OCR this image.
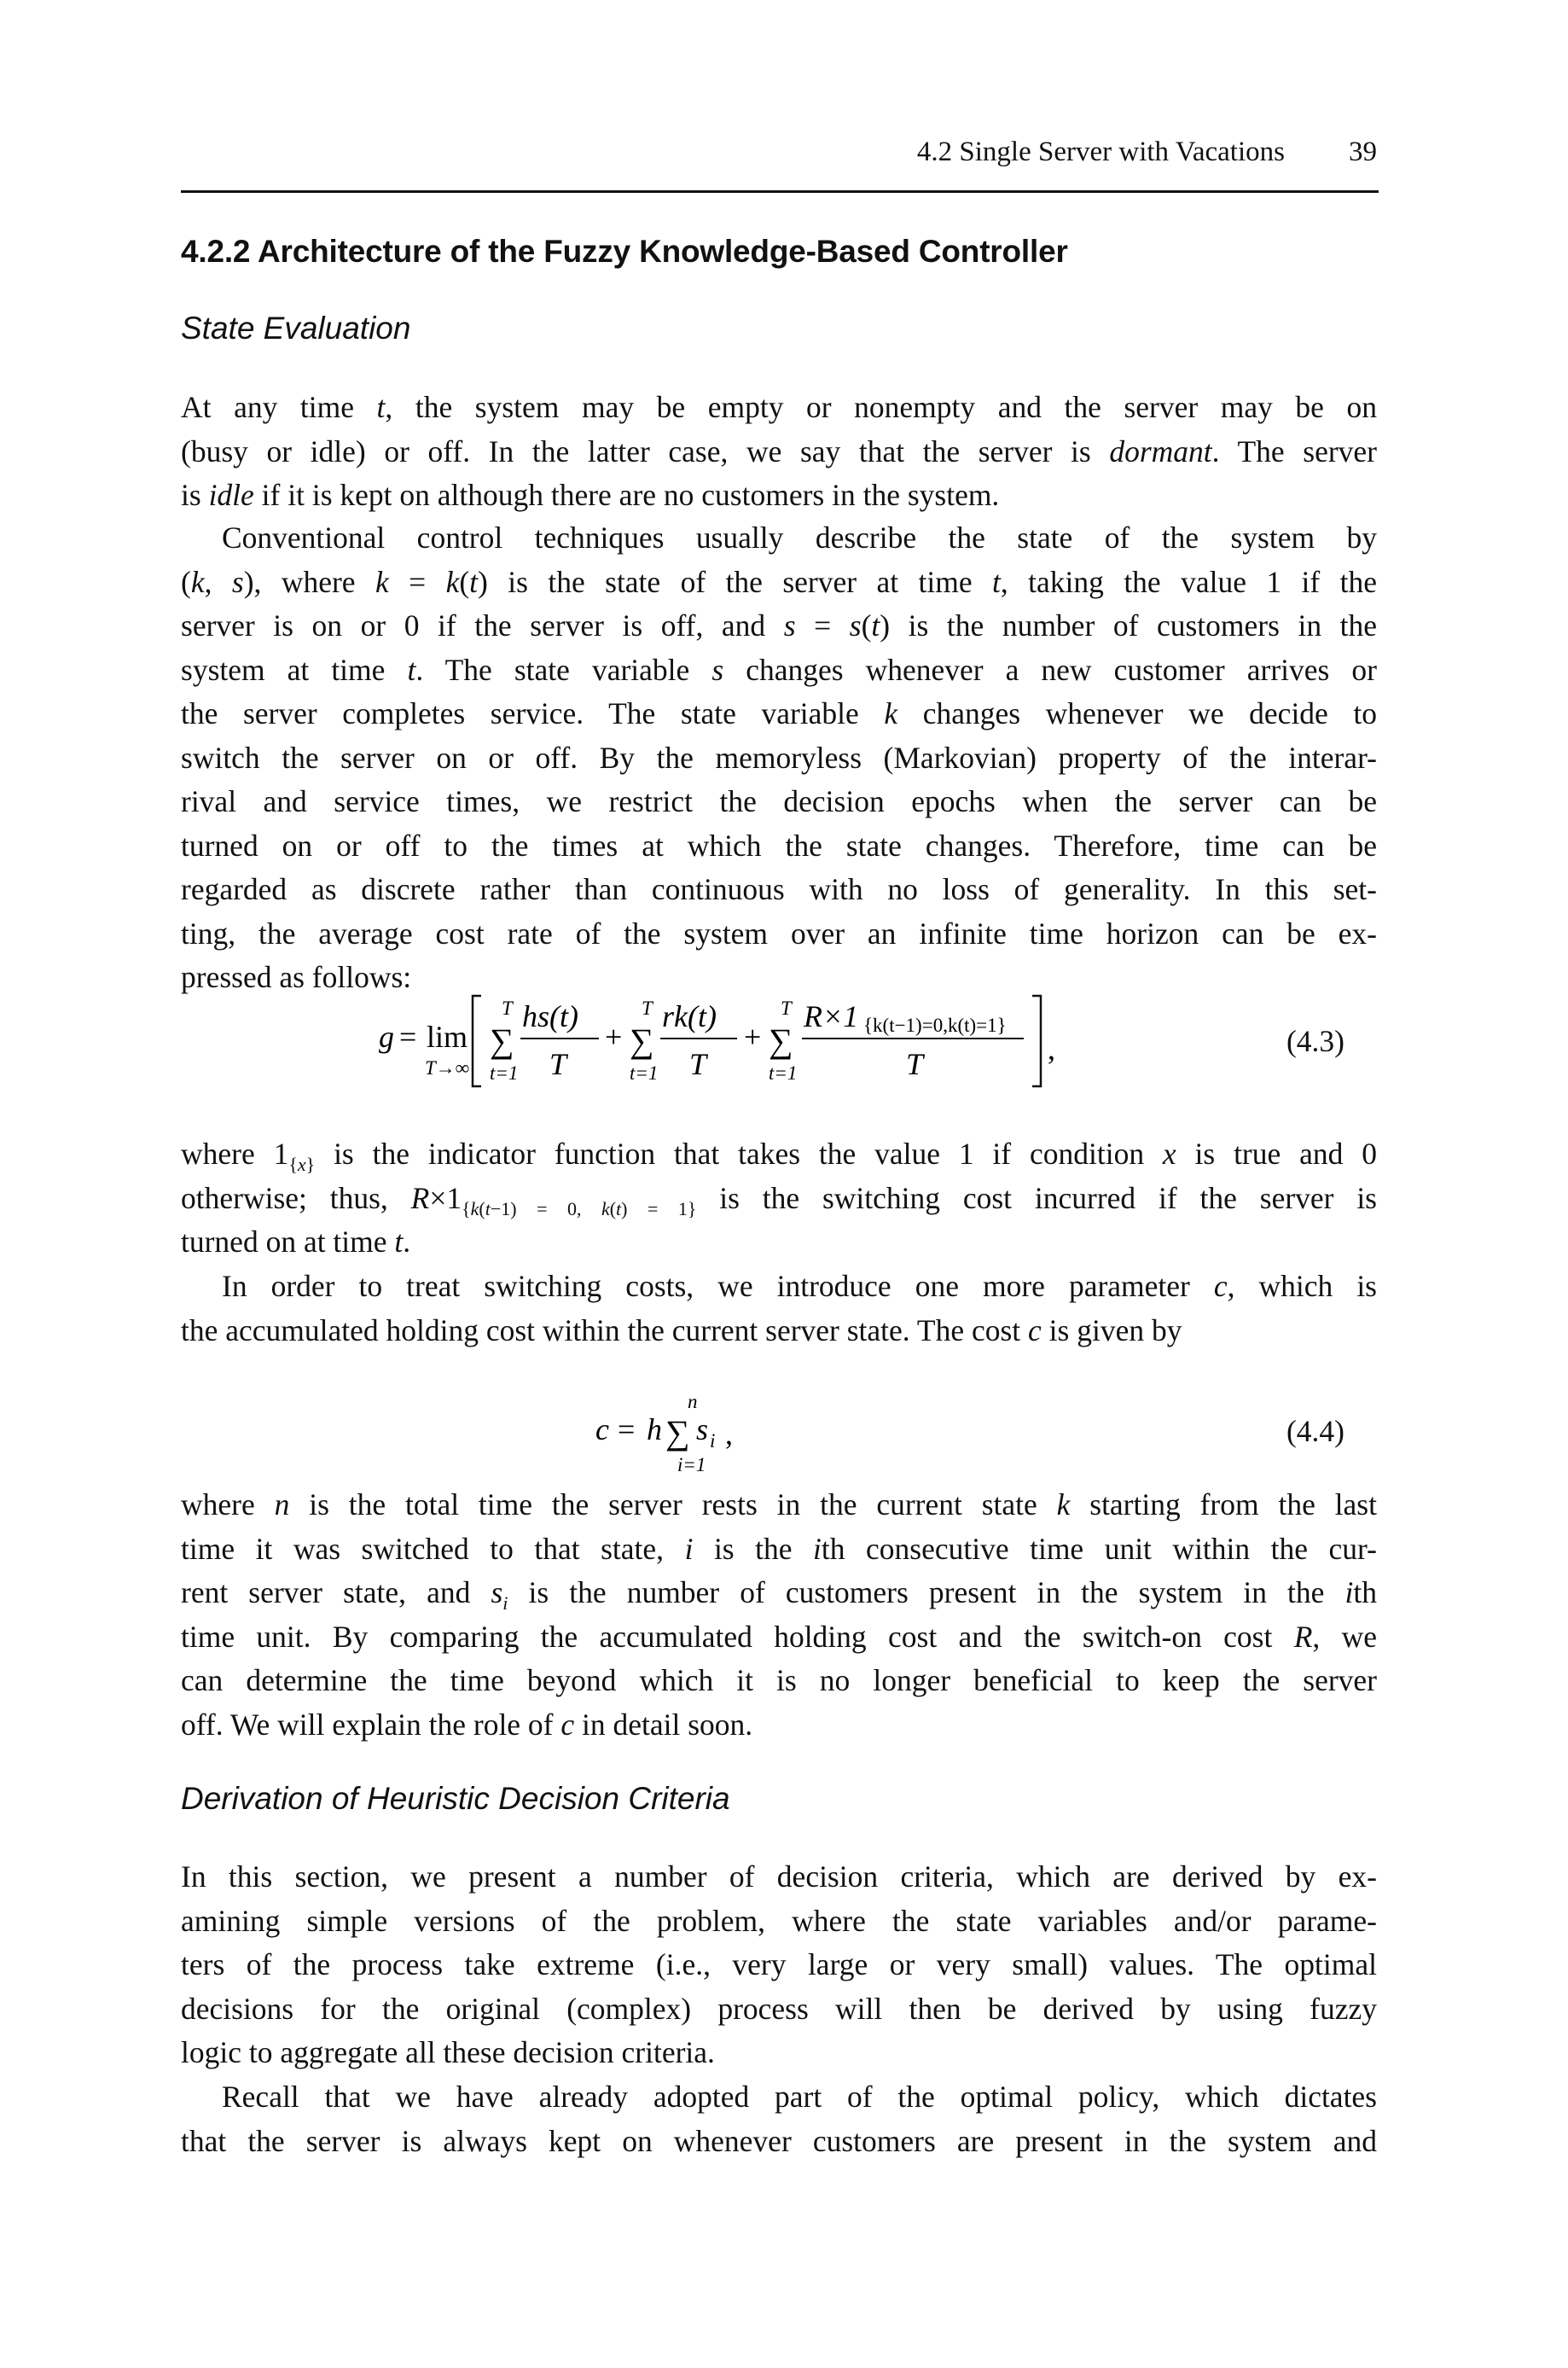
4.2 Single Server with Vacations 39
4.2.2 Architecture of the Fuzzy Knowledge-Based Controller
State Evaluation
At any time t, the system may be empty or nonempty and the server may be on
(busy or idle) or off. In the latter case, we say that the server is dormant. The server
is idle if it is kept on although there are no customers in the system.
Conventional control techniques usually describe the state of the system by
(k, s), where k = k(t) is the state of the server at time t, taking the value 1 if the
server is on or 0 if the server is off, and s = s(t) is the number of customers in the
system at time t. The state variable s changes whenever a new customer arrives or
the server completes service. The state variable k changes whenever we decide to
switch the server on or off. By the memoryless (Markovian) property of the interar-
rival and service times, we restrict the decision epochs when the server can be
turned on or off to the times at which the state changes. Therefore, time can be
regarded as discrete rather than continuous with no loss of generality. In this set-
ting, the average cost rate of the system over an infinite time horizon can be ex-
pressed as follows:
g = lim
T→∞
T
∑
t=1
hs(t)
T
+
T
∑
t=1
rk(t)
T
+
T
∑
t=1
R×1 {k(t−1)=0,k(t)=1}
T	,	(4.3)
where $1_{\{x\}}$ is the indicator function that takes the value 1 if condition x is true and 0
otherwise; thus, $R\times 1_{\{k(t-1) = 0, k(t) = 1\}}$ is the switching cost incurred if the server is
turned on at time t.
In order to treat switching costs, we introduce one more parameter c, which is
the accumulated holding cost within the current server state. The cost c is given by
c = h
n
∑
i=1
s i ,	(4.4)
where n is the total time the server rests in the current state k starting from the last
time it was switched to that state, i is the ith consecutive time unit within the cur-
rent server state, and $s_i$ is the number of customers present in the system in the ith
time unit. By comparing the accumulated holding cost and the switch-on cost R, we
can determine the time beyond which it is no longer beneficial to keep the server
off. We will explain the role of c in detail soon.
Derivation of Heuristic Decision Criteria
In this section, we present a number of decision criteria, which are derived by ex-
amining simple versions of the problem, where the state variables and/or parame-
ters of the process take extreme (i.e., very large or very small) values. The optimal
decisions for the original (complex) process will then be derived by using fuzzy
logic to aggregate all these decision criteria.
Recall that we have already adopted part of the optimal policy, which dictates
that the server is always kept on whenever customers are present in the system and
